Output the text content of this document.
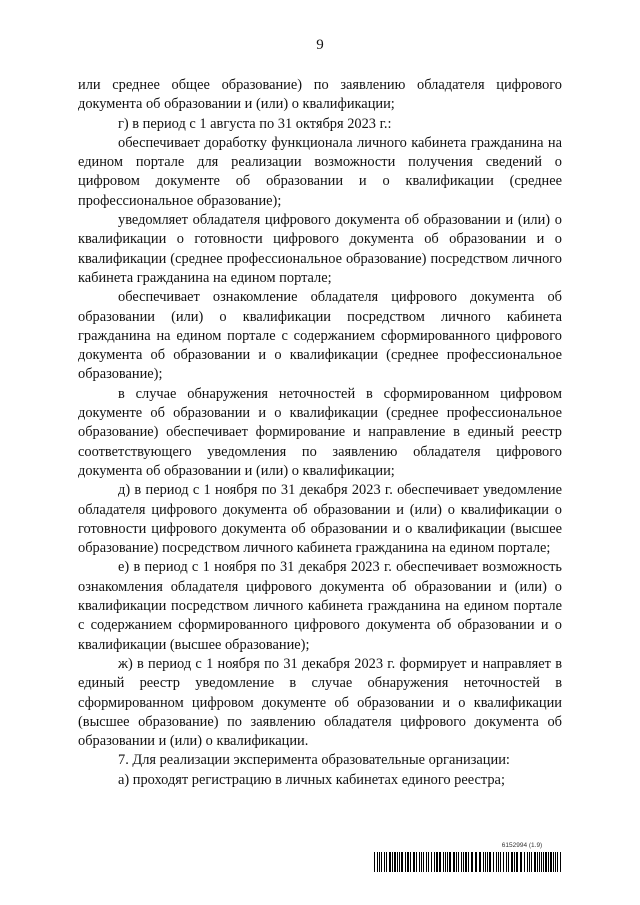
9

или среднее общее образование) по заявлению обладателя цифрового документа об образовании и (или) о квалификации;

г) в период с 1 августа по 31 октября 2023 г.:

обеспечивает доработку функционала личного кабинета гражданина на едином портале для реализации возможности получения сведений о цифровом документе об образовании и о квалификации (среднее профессиональное образование);

уведомляет обладателя цифрового документа об образовании и (или) о квалификации о готовности цифрового документа об образовании и о квалификации (среднее профессиональное образование) посредством личного кабинета гражданина на едином портале;

обеспечивает ознакомление обладателя цифрового документа об образовании (или) о квалификации посредством личного кабинета гражданина на едином портале с содержанием сформированного цифрового документа об образовании и о квалификации (среднее профессиональное образование);

в случае обнаружения неточностей в сформированном цифровом документе об образовании и о квалификации (среднее профессиональное образование) обеспечивает формирование и направление в единый реестр соответствующего уведомления по заявлению обладателя цифрового документа об образовании и (или) о квалификации;

д) в период с 1 ноября по 31 декабря 2023 г. обеспечивает уведомление обладателя цифрового документа об образовании и (или) о квалификации о готовности цифрового документа об образовании и о квалификации (высшее образование) посредством личного кабинета гражданина на едином портале;

е) в период с 1 ноября по 31 декабря 2023 г. обеспечивает возможность ознакомления обладателя цифрового документа об образовании и (или) о квалификации посредством личного кабинета гражданина на едином портале с содержанием сформированного цифрового документа об образовании и о квалификации (высшее образование);

ж) в период с 1 ноября по 31 декабря 2023 г. формирует и направляет в единый реестр уведомление в случае обнаружения неточностей в сформированном цифровом документе об образовании и о квалификации (высшее образование) по заявлению обладателя цифрового документа об образовании и (или) о квалификации.

7. Для реализации эксперимента образовательные организации:

а) проходят регистрацию в личных кабинетах единого реестра;

6152994 (1.9)
